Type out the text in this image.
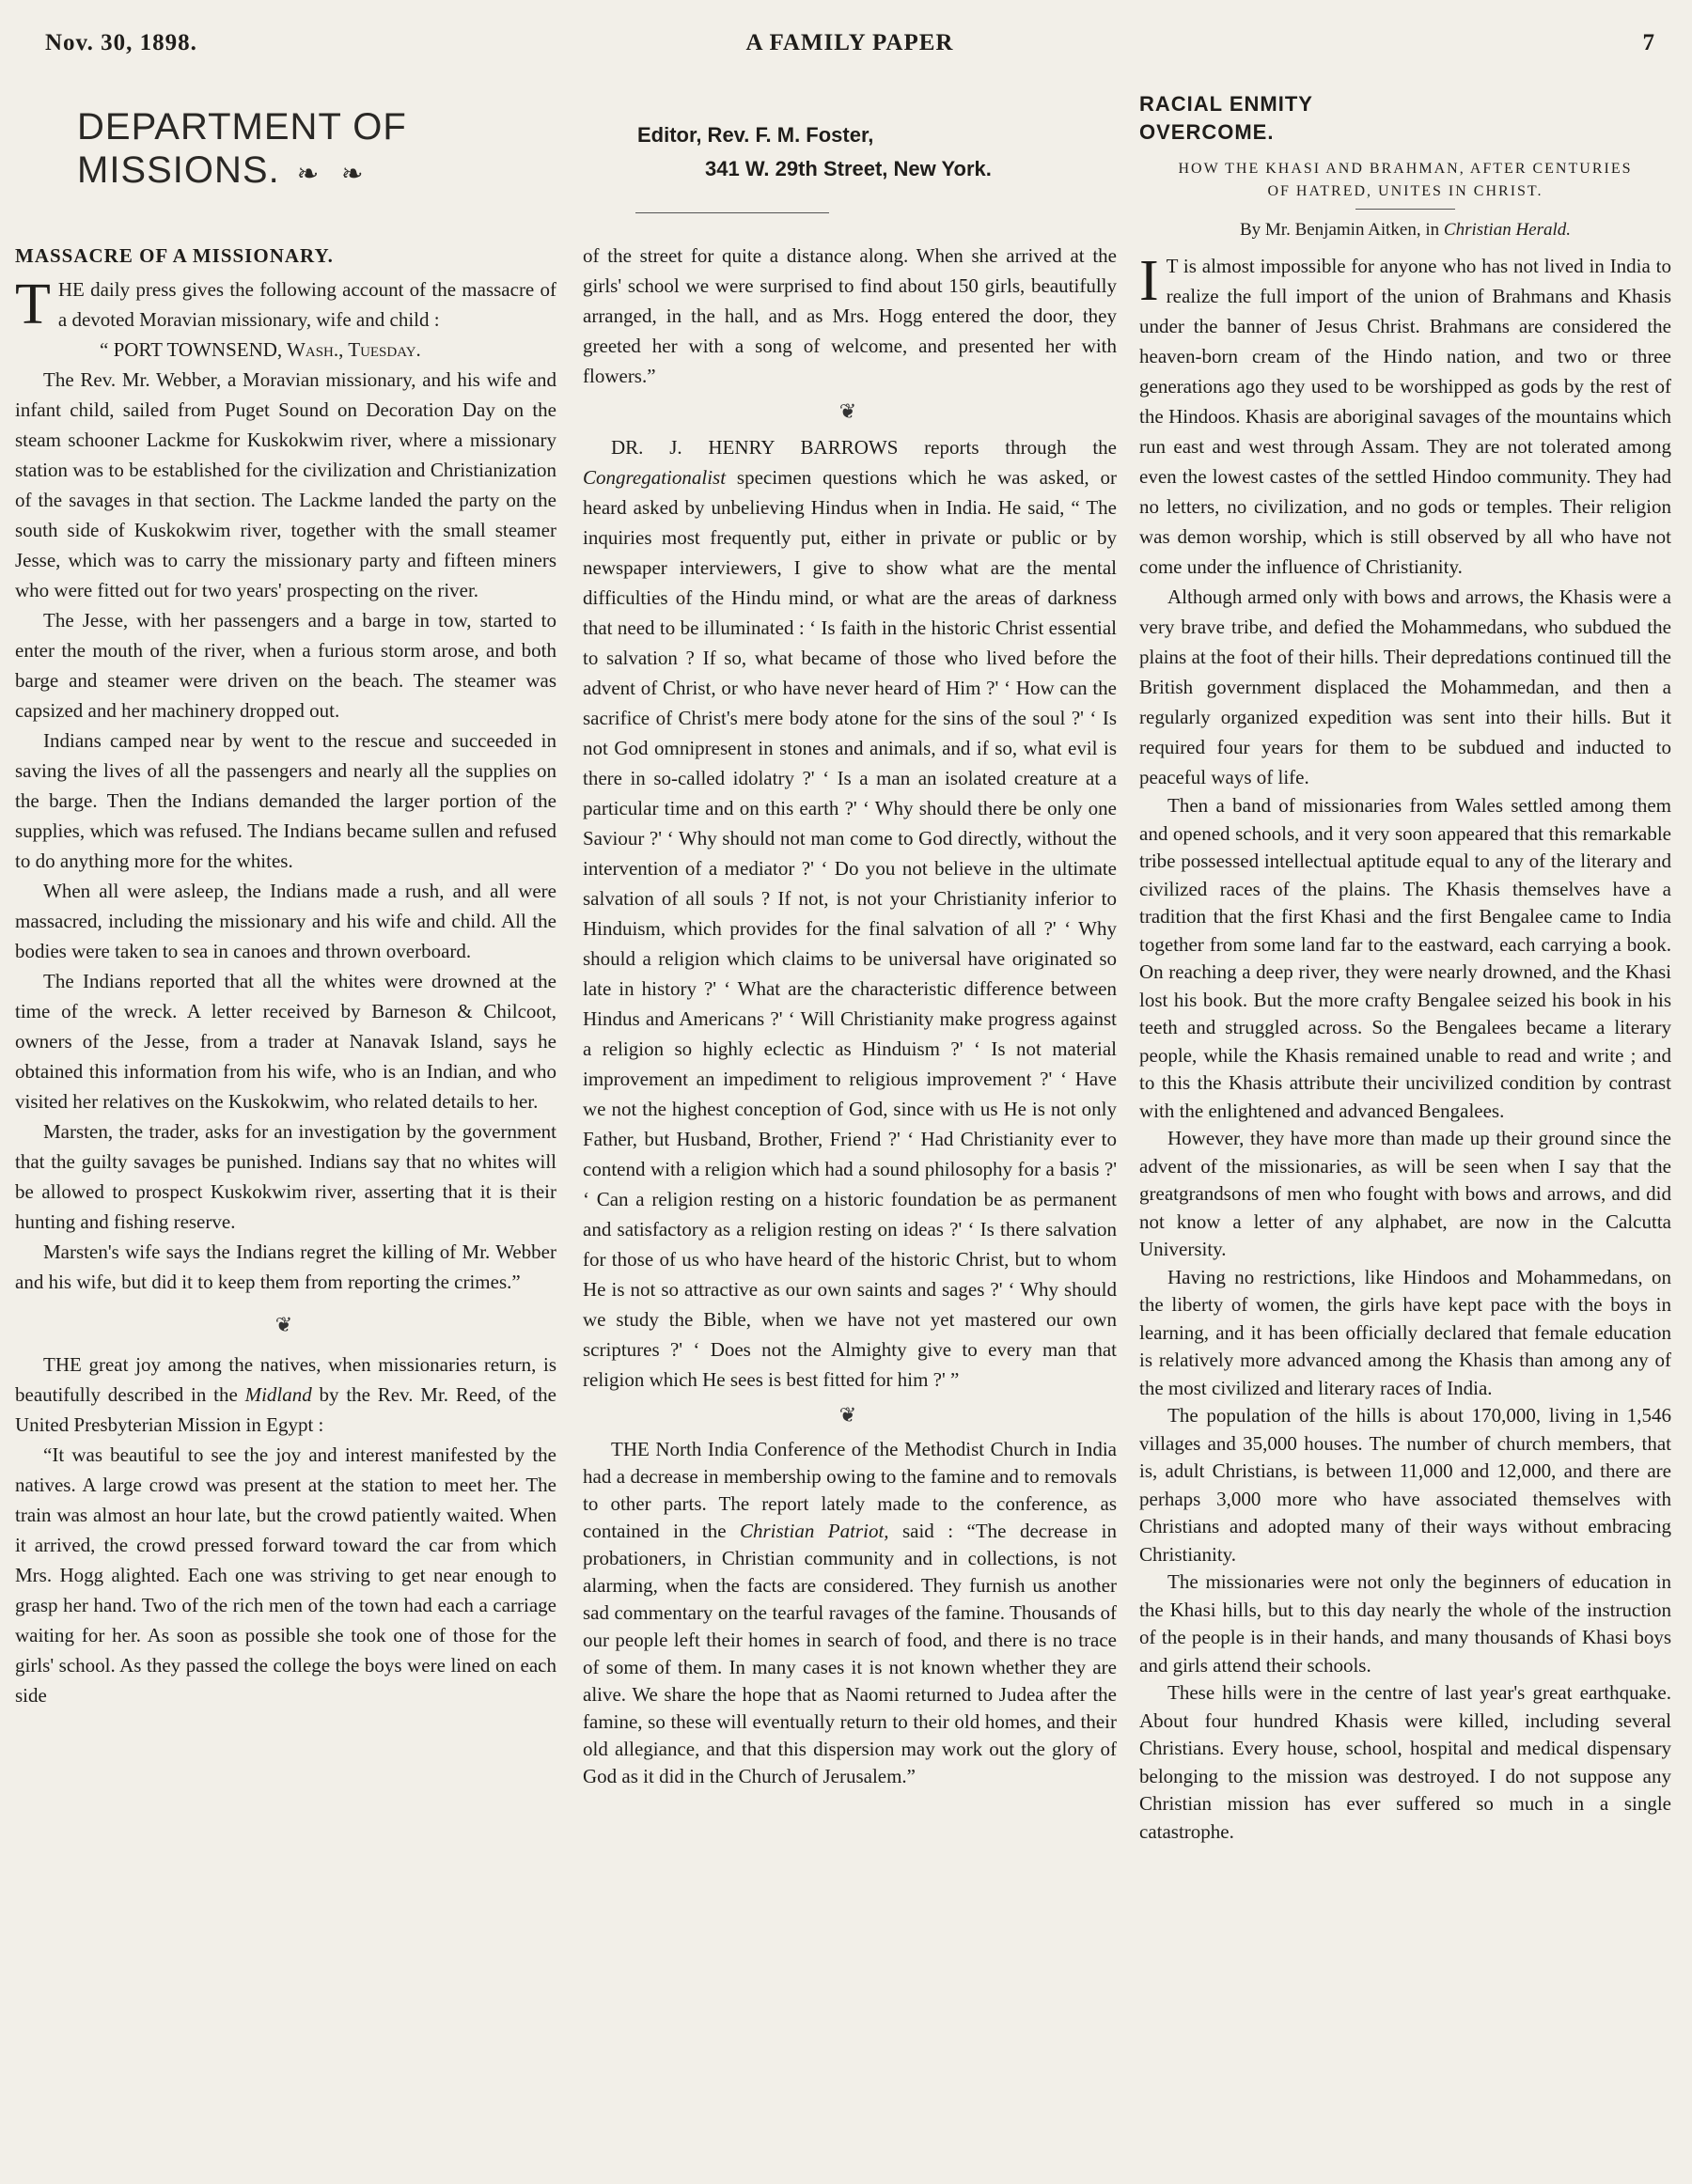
Nov. 30, 1898.	A FAMILY PAPER	7
DEPARTMENT OF
MISSIONS. ❧ ❧
Editor, Rev. F. M. Foster,
341 W. 29th Street, New York.
MASSACRE OF A MISSIONARY.

THE daily press gives the following account of the massacre of a devoted Moravian missionary, wife and child :

“ PORT TOWNSEND, Wash., Tuesday.

The Rev. Mr. Webber, a Moravian missionary, and his wife and infant child, sailed from Puget Sound on Decoration Day on the steam schooner Lackme for Kuskokwim river, where a missionary station was to be established for the civilization and Christianization of the savages in that section. The Lackme landed the party on the south side of Kuskokwim river, together with the small steamer Jesse, which was to carry the missionary party and fifteen miners who were fitted out for two years' prospecting on the river.

The Jesse, with her passengers and a barge in tow, started to enter the mouth of the river, when a furious storm arose, and both barge and steamer were driven on the beach. The steamer was capsized and her machinery dropped out.

Indians camped near by went to the rescue and succeeded in saving the lives of all the passengers and nearly all the supplies on the barge. Then the Indians demanded the larger portion of the supplies, which was refused. The Indians became sullen and refused to do anything more for the whites.

When all were asleep, the Indians made a rush, and all were massacred, including the missionary and his wife and child. All the bodies were taken to sea in canoes and thrown overboard.

The Indians reported that all the whites were drowned at the time of the wreck. A letter received by Barneson & Chilcoot, owners of the Jesse, from a trader at Nanavak Island, says he obtained this information from his wife, who is an Indian, and who visited her relatives on the Kuskokwim, who related details to her.

Marsten, the trader, asks for an investigation by the government that the guilty savages be punished. Indians say that no whites will be allowed to prospect Kuskokwim river, asserting that it is their hunting and fishing reserve.

Marsten's wife says the Indians regret the killing of Mr. Webber and his wife, but did it to keep them from reporting the crimes.”

❦

THE great joy among the natives, when missionaries return, is beautifully described in the Midland by the Rev. Mr. Reed, of the United Presbyterian Mission in Egypt :

“It was beautiful to see the joy and interest manifested by the natives. A large crowd was present at the station to meet her. The train was almost an hour late, but the crowd patiently waited. When it arrived, the crowd pressed forward toward the car from which Mrs. Hogg alighted. Each one was striving to get near enough to grasp her hand. Two of the rich men of the town had each a carriage waiting for her. As soon as possible she took one of those for the girls' school. As they passed the college the boys were lined on each side

of the street for quite a distance along. When she arrived at the girls' school we were surprised to find about 150 girls, beautifully arranged, in the hall, and as Mrs. Hogg entered the door, they greeted her with a song of welcome, and presented her with flowers.”

❦

DR. J. HENRY BARROWS reports through the Congregationalist specimen questions which he was asked, or heard asked by unbelieving Hindus when in India. He said, “ The inquiries most frequently put, either in private or public or by newspaper interviewers, I give to show what are the mental difficulties of the Hindu mind, or what are the areas of darkness that need to be illuminated : ‘ Is faith in the historic Christ essential to salvation ? If so, what became of those who lived before the advent of Christ, or who have never heard of Him ?' ‘ How can the sacrifice of Christ's mere body atone for the sins of the soul ?' ‘ Is not God omnipresent in stones and animals, and if so, what evil is there in so-called idolatry ?' ‘ Is a man an isolated creature at a particular time and on this earth ?' ‘ Why should there be only one Saviour ?' ‘ Why should not man come to God directly, without the intervention of a mediator ?' ‘ Do you not believe in the ultimate salvation of all souls ? If not, is not your Christianity inferior to Hinduism, which provides for the final salvation of all ?' ‘ Why should a religion which claims to be universal have originated so late in history ?' ‘ What are the characteristic difference between Hindus and Americans ?' ‘ Will Christianity make progress against a religion so highly eclectic as Hinduism ?' ‘ Is not material improvement an impediment to religious improvement ?' ‘ Have we not the highest conception of God, since with us He is not only Father, but Husband, Brother, Friend ?' ‘ Had Christianity ever to contend with a religion which had a sound philosophy for a basis ?' ‘ Can a religion resting on a historic foundation be as permanent and satisfactory as a religion resting on ideas ?' ‘ Is there salvation for those of us who have heard of the historic Christ, but to whom He is not so attractive as our own saints and sages ?' ‘ Why should we study the Bible, when we have not yet mastered our own scriptures ?' ‘ Does not the Almighty give to every man that religion which He sees is best fitted for him ?' ”

❦

THE North India Conference of the Methodist Church in India had a decrease in membership owing to the famine and to removals to other parts. The report lately made to the conference, as contained in the Christian Patriot, said : “The decrease in probationers, in Christian community and in collections, is not alarming, when the facts are considered. They furnish us another sad commentary on the tearful ravages of the famine. Thousands of our people left their homes in search of food, and there is no trace of some of them. In many cases it is not known whether they are alive. We share the hope that as Naomi returned to Judea after the famine, so these will eventually return to their old homes, and their old allegiance, and that this dispersion may work out the glory of God as it did in the Church of Jerusalem.”

RACIAL ENMITY
OVERCOME.
HOW THE KHASI AND BRAHMAN, AFTER CENTURIES
OF HATRED, UNITES IN CHRIST.
By Mr. Benjamin Aitken, in Christian Herald.

I T is almost impossible for anyone who has not lived in India to realize the full import of the union of Brahmans and Khasis under the banner of Jesus Christ. Brahmans are considered the heaven-born cream of the Hindo nation, and two or three generations ago they used to be worshipped as gods by the rest of the Hindoos. Khasis are aboriginal savages of the mountains which run east and west through Assam. They are not tolerated among even the lowest castes of the settled Hindoo community. They had no letters, no civilization, and no gods or temples. Their religion was demon worship, which is still observed by all who have not come under the influence of Christianity.

Although armed only with bows and arrows, the Khasis were a very brave tribe, and defied the Mohammedans, who subdued the plains at the foot of their hills. Their depredations continued till the British government displaced the Mohammedan, and then a regularly organized expedition was sent into their hills. But it required four years for them to be subdued and inducted to peaceful ways of life.

Then a band of missionaries from Wales settled among them and opened schools, and it very soon appeared that this remarkable tribe possessed intellectual aptitude equal to any of the literary and civilized races of the plains. The Khasis themselves have a tradition that the first Khasi and the first Bengalee came to India together from some land far to the eastward, each carrying a book. On reaching a deep river, they were nearly drowned, and the Khasi lost his book. But the more crafty Bengalee seized his book in his teeth and struggled across. So the Bengalees became a literary people, while the Khasis remained unable to read and write ; and to this the Khasis attribute their uncivilized condition by contrast with the enlightened and advanced Bengalees.

However, they have more than made up their ground since the advent of the missionaries, as will be seen when I say that the greatgrandsons of men who fought with bows and arrows, and did not know a letter of any alphabet, are now in the Calcutta University.

Having no restrictions, like Hindoos and Mohammedans, on the liberty of women, the girls have kept pace with the boys in learning, and it has been officially declared that female education is relatively more advanced among the Khasis than among any of the most civilized and literary races of India.

The population of the hills is about 170,000, living in 1,546 villages and 35,000 houses. The number of church members, that is, adult Christians, is between 11,000 and 12,000, and there are perhaps 3,000 more who have associated themselves with Christians and adopted many of their ways without embracing Christianity.

The missionaries were not only the beginners of education in the Khasi hills, but to this day nearly the whole of the instruction of the people is in their hands, and many thousands of Khasi boys and girls attend their schools.

These hills were in the centre of last year's great earthquake. About four hundred Khasis were killed, including several Christians. Every house, school, hospital and medical dispensary belonging to the mission was destroyed. I do not suppose any Christian mission has ever suffered so much in a single catastrophe.
